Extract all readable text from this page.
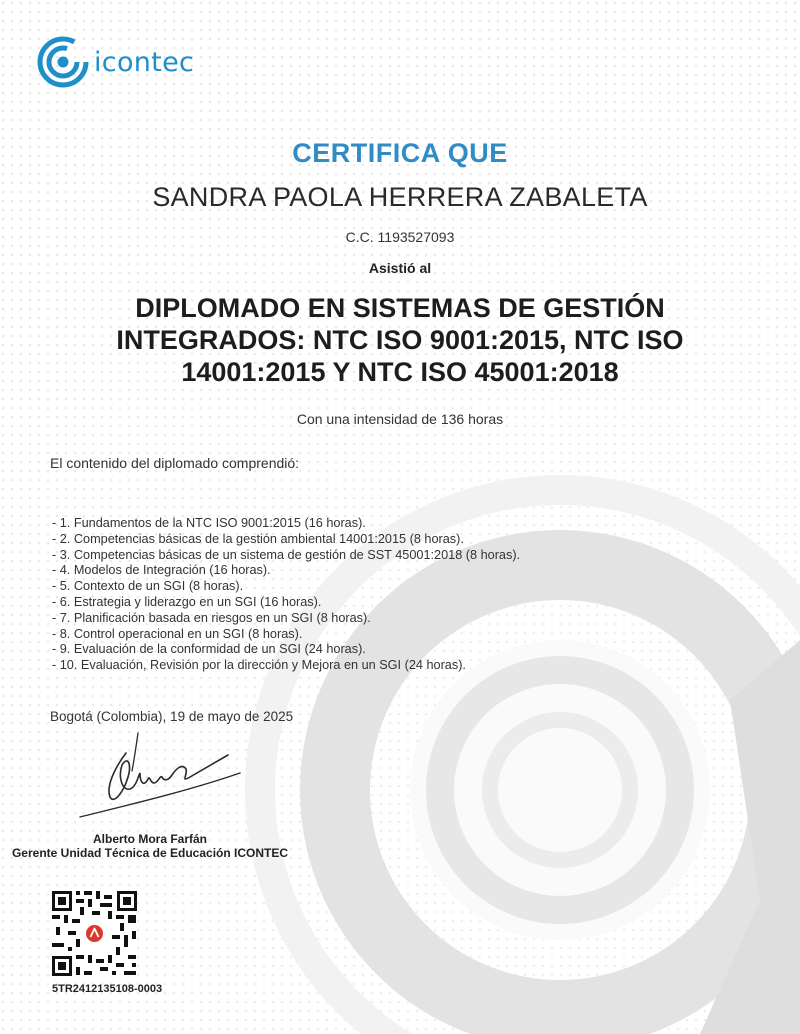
icontec
CERTIFICA QUE
SANDRA PAOLA HERRERA ZABALETA
C.C. 1193527093
Asistió al
DIPLOMADO EN SISTEMAS DE GESTIÓN INTEGRADOS: NTC ISO 9001:2015, NTC ISO 14001:2015 Y NTC ISO 45001:2018
Con una intensidad de 136 horas
El contenido del diplomado comprendió:
- 1. Fundamentos de la NTC ISO 9001:2015 (16 horas).
- 2. Competencias básicas de la gestión ambiental 14001:2015 (8 horas).
- 3. Competencias básicas de un sistema de gestión de SST 45001:2018 (8 horas).
- 4. Modelos de Integración (16 horas).
- 5. Contexto de un SGI (8 horas).
- 6. Estrategia y liderazgo en un SGI (16 horas).
- 7. Planificación basada en riesgos en un SGI (8 horas).
- 8. Control operacional en un SGI (8 horas).
- 9. Evaluación de la conformidad de un SGI (24 horas).
- 10. Evaluación, Revisión por la dirección y Mejora en un SGI (24 horas).
Bogotá (Colombia), 19 de mayo de 2025
Alberto Mora Farfán
Gerente Unidad Técnica de Educación ICONTEC
5TR2412135108-0003
